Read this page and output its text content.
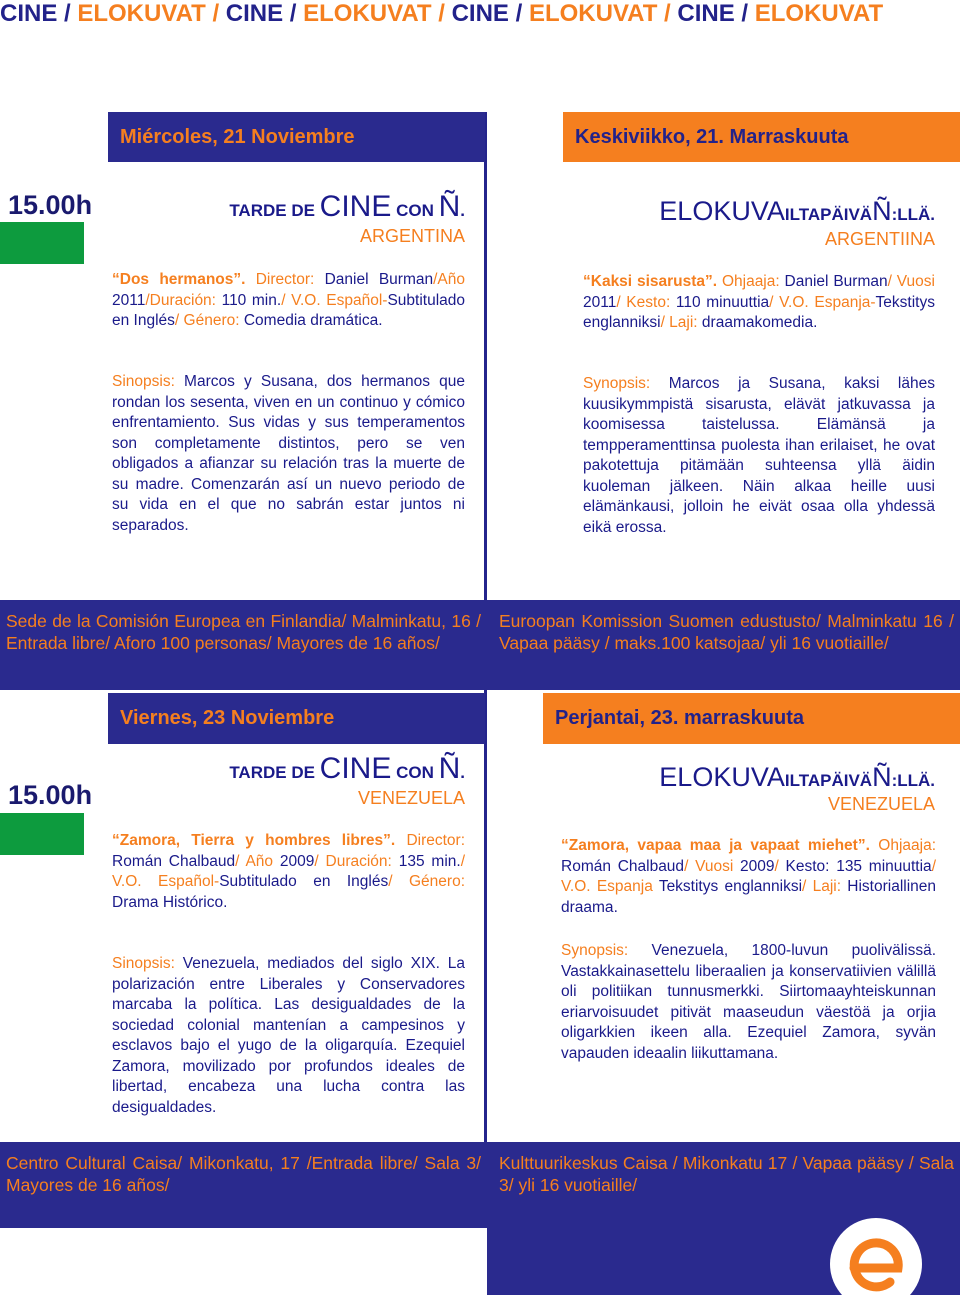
CINE / ELOKUVAT / CINE / ELOKUVAT / CINE / ELOKUVAT / CINE / ELOKUVAT
Miércoles, 21 Noviembre	Keskiviikko, 21. Marraskuuta
15.00h	TARDE DE CINE CON Ñ.
ARGENTINA
ELOKUVAILTAPÄIVÄÑ:LLÄ.
ARGENTIINA
“Dos hermanos”. Director: Daniel Burman/Año 2011/Duración: 110 min./ V.O. Español-Subtitulado en Inglés/ Género: Comedia dramática.
Sinopsis: Marcos y Susana, dos hermanos que rondan los sesenta, viven en un continuo y cómico enfrentamiento. Sus vidas y sus temperamentos son completamente distintos, pero se ven obligados a afianzar su relación tras la muerte de su madre. Comenzarán así un nuevo periodo de su vida en el que no sabrán estar juntos ni separados.
“Kaksi sisarusta”. Ohjaaja: Daniel Burman/ Vuosi 2011/ Kesto: 110 minuuttia/ V.O. Espanja-Tekstitys englanniksi/ Laji: draamakomedia.
Synopsis: Marcos ja Susana, kaksi lähes kuusikymmpistä sisarusta, elävät jatkuvassa ja koomisessa taistelussa. Elämänsä ja tempperamenttinsa puolesta ihan erilaiset, he ovat pakotettuja pitämään suhteensa yllä äidin kuoleman jälkeen. Näin alkaa heille uusi elämänkausi, jolloin he eivät osaa olla yhdessä eikä erossa.
Sede de la Comisión Europea en Finlandia/ Malminkatu, 16 / Entrada libre/ Aforo 100 personas/ Mayores de 16 años/
Euroopan Komission Suomen edustusto/ Malminkatu 16 / Vapaa pääsy / maks.100 katsojaa/ yli 16 vuotiaille/
Viernes, 23 Noviembre	Perjantai, 23. marraskuuta
15.00h
TARDE DE CINE CON Ñ.
VENEZUELA
ELOKUVAILTAPÄIVÄÑ:LLÄ.
VENEZUELA
“Zamora, Tierra y hombres libres”. Director: Román Chalbaud/ Año 2009/ Duración: 135 min./ V.O. Español-Subtitulado en Inglés/ Género: Drama Histórico.
Sinopsis: Venezuela, mediados del siglo XIX. La polarización entre Liberales y Conservadores marcaba la política. Las desigualdades de la sociedad colonial mantenían a campesinos y esclavos bajo el yugo de la oligarquía. Ezequiel Zamora, movilizado por profundos ideales de libertad, encabeza una lucha contra las desigualdades.
“Zamora, vapaa maa ja vapaat miehet”. Ohjaaja: Román Chalbaud/ Vuosi 2009/ Kesto: 135 minuuttia/ V.O. Espanja Tekstitys englanniksi/ Laji: Historiallinen draama.
Synopsis: Venezuela, 1800-luvun puolivälissä. Vastakkainasettelu liberaalien ja konservatiivien välillä oli politiikan tunnusmerkki. Siirtomaayhteiskunnan eriarvoisuudet pitivät maaseudun väestöä ja orjia oligarkkien ikeen alla. Ezequiel Zamora, syvän vapauden ideaalin liikuttamana.
Centro Cultural Caisa/ Mikonkatu, 17 /Entrada libre/ Sala 3/ Mayores de 16 años/
Kulttuurikeskus Caisa / Mikonkatu 17 / Vapaa pääsy / Sala 3/ yli 16 vuotiaille/
